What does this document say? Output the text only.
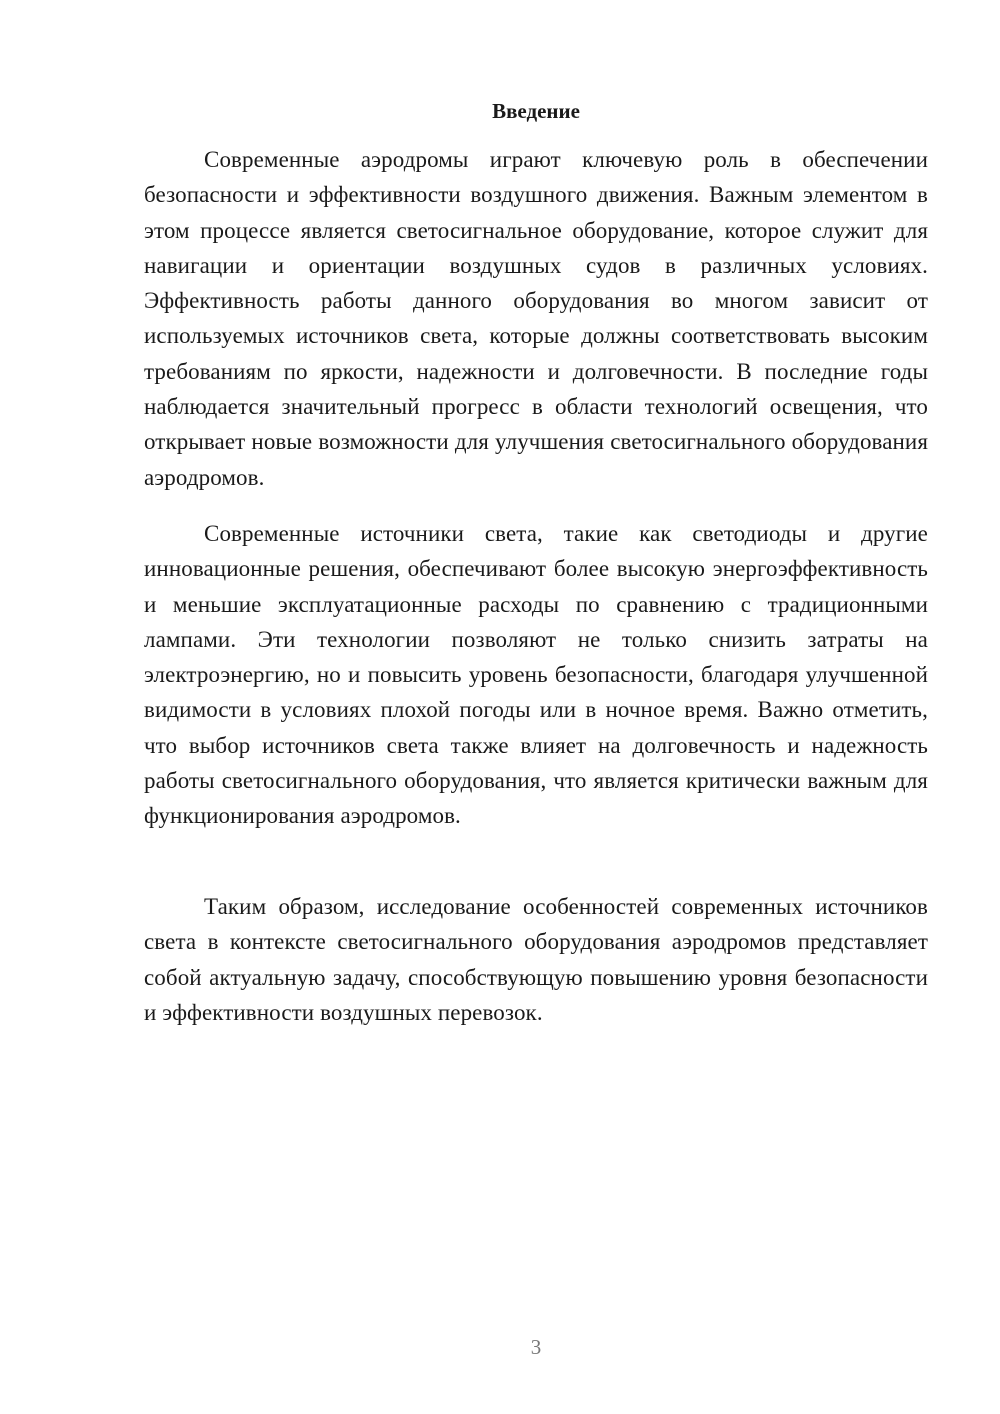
Введение

Современные аэродромы играют ключевую роль в обеспечении безопасности и эффективности воздушного движения. Важным элементом в этом процессе является светосигнальное оборудование, которое служит для навигации и ориентации воздушных судов в различных условиях. Эффективность работы данного оборудования во многом зависит от используемых источников света, которые должны соответствовать высоким требованиям по яркости, надежности и долговечности. В последние годы наблюдается значительный прогресс в области технологий освещения, что открывает новые возможности для улучшения светосигнального оборудования аэродромов.

Современные источники света, такие как светодиоды и другие инновационные решения, обеспечивают более высокую энергоэффективность и меньшие эксплуатационные расходы по сравнению с традиционными лампами. Эти технологии позволяют не только снизить затраты на электроэнергию, но и повысить уровень безопасности, благодаря улучшенной видимости в условиях плохой погоды или в ночное время. Важно отметить, что выбор источников света также влияет на долговечность и надежность работы светосигнального оборудования, что является критически важным для функционирования аэродромов.

Таким образом, исследование особенностей современных источников света в контексте светосигнального оборудования аэродромов представляет собой актуальную задачу, способствующую повышению уровня безопасности и эффективности воздушных перевозок.

3
